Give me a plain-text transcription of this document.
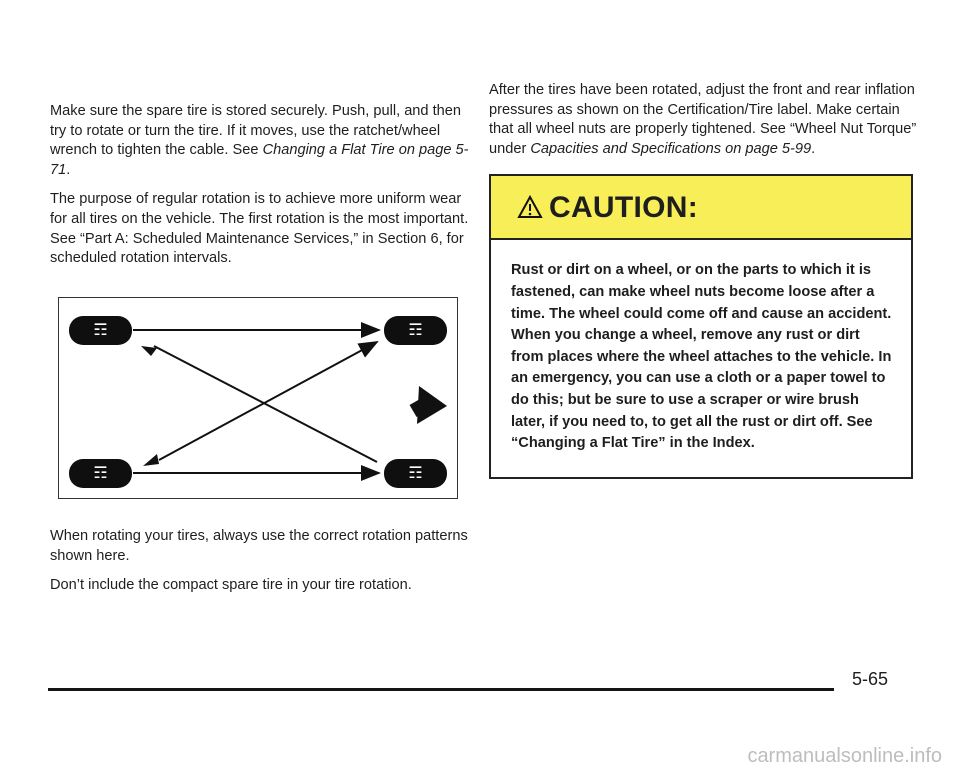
Make sure the spare tire is stored securely. Push, pull, and then try to rotate or turn the tire. If it moves, use the ratchet/wheel wrench to tighten the cable. See Changing a Flat Tire on page 5-71.

The purpose of regular rotation is to achieve more uniform wear for all tires on the vehicle. The first rotation is the most important. See “Part A: Scheduled Maintenance Services,” in Section 6, for scheduled rotation intervals.

☶	☶
☶	☶

When rotating your tires, always use the correct rotation patterns shown here.

Don’t include the compact spare tire in your tire rotation.

After the tires have been rotated, adjust the front and rear inflation pressures as shown on the Certification/Tire label. Make certain that all wheel nuts are properly tightened. See “Wheel Nut Torque” under Capacities and Specifications on page 5-99.

CAUTION:
Rust or dirt on a wheel, or on the parts to which it is fastened, can make wheel nuts become loose after a time. The wheel could come off and cause an accident. When you change a wheel, remove any rust or dirt from places where the wheel attaches to the vehicle. In an emergency, you can use a cloth or a paper towel to do this; but be sure to use a scraper or wire brush later, if you need to, to get all the rust or dirt off. See “Changing a Flat Tire” in the Index.
5-65
carmanualsonline.info
